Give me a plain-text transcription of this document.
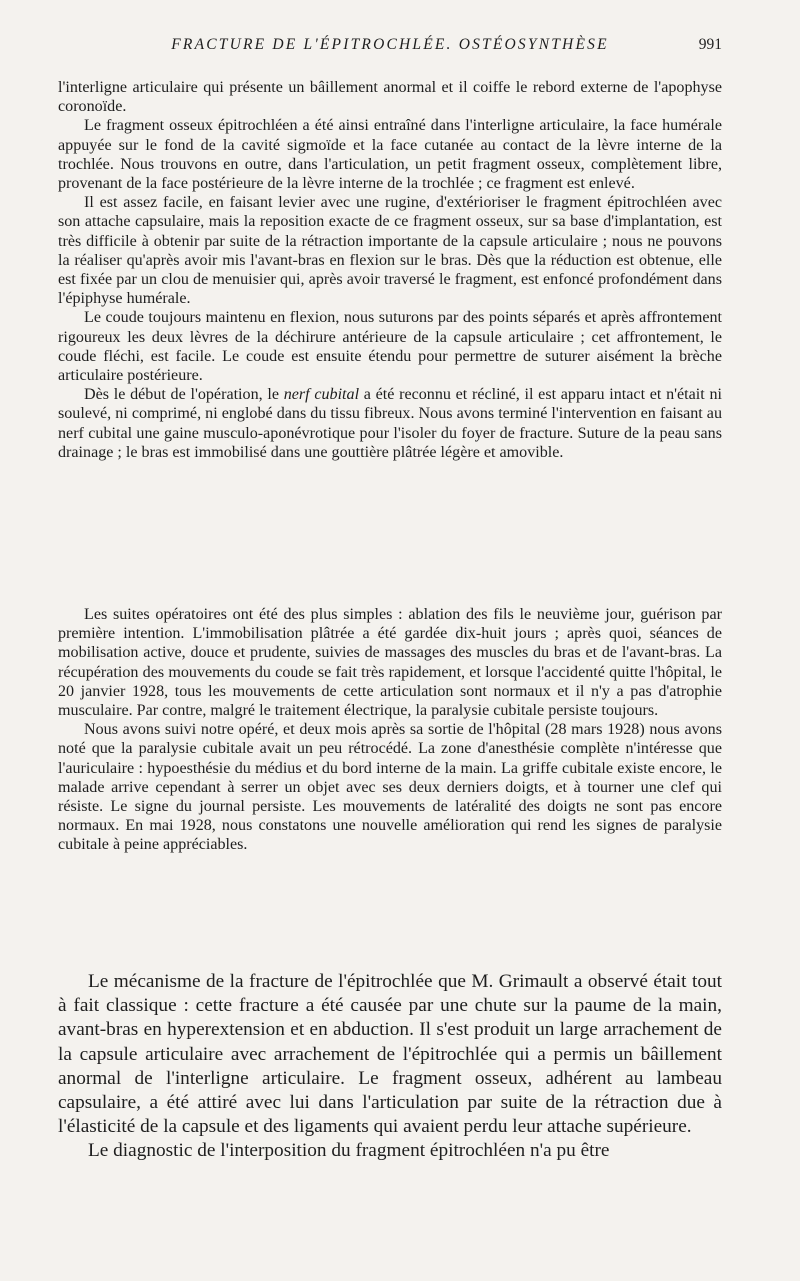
FRACTURE DE L'ÉPITROCHLÉE. OSTÉOSYNTHÈSE	991

l'interligne articulaire qui présente un bâillement anormal et il coiffe le rebord externe de l'apophyse coronoïde.

Le fragment osseux épitrochléen a été ainsi entraîné dans l'interligne articulaire, la face humérale appuyée sur le fond de la cavité sigmoïde et la face cutanée au contact de la lèvre interne de la trochlée. Nous trouvons en outre, dans l'articulation, un petit fragment osseux, complètement libre, provenant de la face postérieure de la lèvre interne de la trochlée ; ce fragment est enlevé.

Il est assez facile, en faisant levier avec une rugine, d'extérioriser le fragment épitrochléen avec son attache capsulaire, mais la reposition exacte de ce fragment osseux, sur sa base d'implantation, est très difficile à obtenir par suite de la rétraction importante de la capsule articulaire ; nous ne pouvons la réaliser qu'après avoir mis l'avant-bras en flexion sur le bras. Dès que la réduction est obtenue, elle est fixée par un clou de menuisier qui, après avoir traversé le fragment, est enfoncé profondément dans l'épiphyse humérale.

Le coude toujours maintenu en flexion, nous suturons par des points séparés et après affrontement rigoureux les deux lèvres de la déchirure antérieure de la capsule articulaire ; cet affrontement, le coude fléchi, est facile. Le coude est ensuite étendu pour permettre de suturer aisément la brèche articulaire postérieure.

Dès le début de l'opération, le nerf cubital a été reconnu et récliné, il est apparu intact et n'était ni soulevé, ni comprimé, ni englobé dans du tissu fibreux. Nous avons terminé l'intervention en faisant au nerf cubital une gaine musculo-aponévrotique pour l'isoler du foyer de fracture. Suture de la peau sans drainage ; le bras est immobilisé dans une gouttière plâtrée légère et amovible.

Les suites opératoires ont été des plus simples : ablation des fils le neuvième jour, guérison par première intention. L'immobilisation plâtrée a été gardée dix-huit jours ; après quoi, séances de mobilisation active, douce et prudente, suivies de massages des muscles du bras et de l'avant-bras. La récupération des mouvements du coude se fait très rapidement, et lorsque l'accidenté quitte l'hôpital, le 20 janvier 1928, tous les mouvements de cette articulation sont normaux et il n'y a pas d'atrophie musculaire. Par contre, malgré le traitement électrique, la paralysie cubitale persiste toujours.

Nous avons suivi notre opéré, et deux mois après sa sortie de l'hôpital (28 mars 1928) nous avons noté que la paralysie cubitale avait un peu rétrocédé. La zone d'anesthésie complète n'intéresse que l'auriculaire : hypoesthésie du médius et du bord interne de la main. La griffe cubitale existe encore, le malade arrive cependant à serrer un objet avec ses deux derniers doigts, et à tourner une clef qui résiste. Le signe du journal persiste. Les mouvements de latéralité des doigts ne sont pas encore normaux. En mai 1928, nous constatons une nouvelle amélioration qui rend les signes de paralysie cubitale à peine appréciables.

Le mécanisme de la fracture de l'épitrochlée que M. Grimault a observé était tout à fait classique : cette fracture a été causée par une chute sur la paume de la main, avant-bras en hyperextension et en abduction. Il s'est produit un large arrachement de la capsule articulaire avec arrachement de l'épitrochlée qui a permis un bâillement anormal de l'interligne articulaire. Le fragment osseux, adhérent au lambeau capsulaire, a été attiré avec lui dans l'articulation par suite de la rétraction due à l'élasticité de la capsule et des ligaments qui avaient perdu leur attache supérieure.

Le diagnostic de l'interposition du fragment épitrochléen n'a pu être
